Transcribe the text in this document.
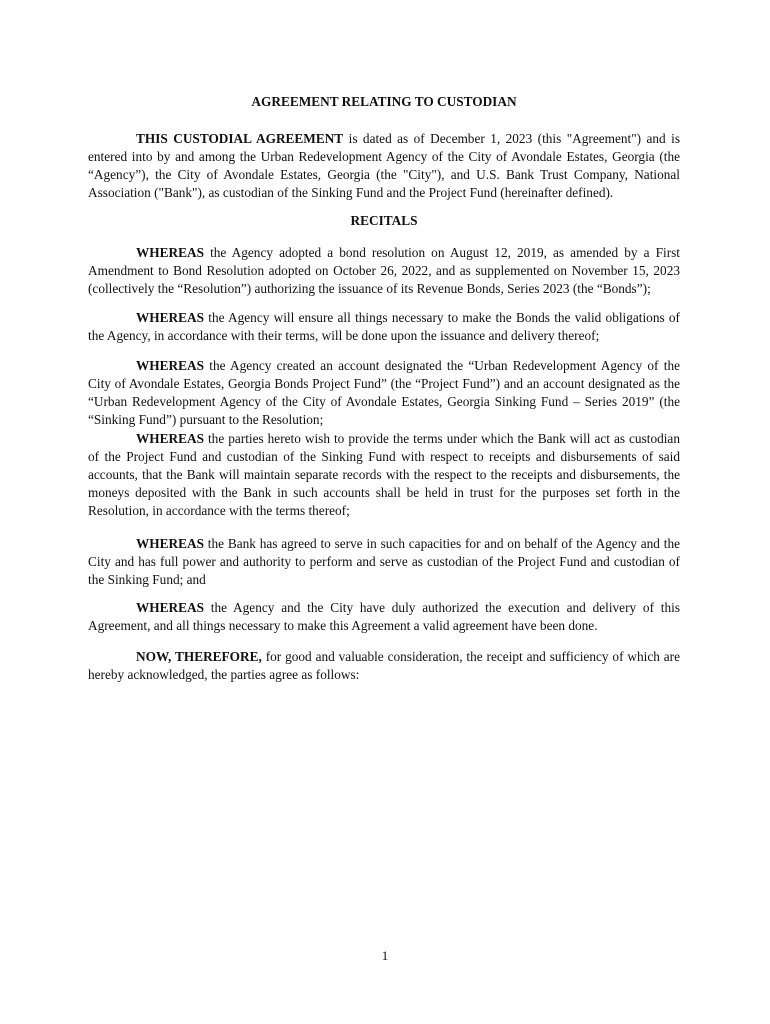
AGREEMENT RELATING TO CUSTODIAN
THIS CUSTODIAL AGREEMENT is dated as of December 1, 2023 (this "Agreement") and is entered into by and among the Urban Redevelopment Agency of the City of Avondale Estates, Georgia (the “Agency”), the City of Avondale Estates, Georgia (the "City"), and U.S. Bank Trust Company, National Association ("Bank"), as custodian of the Sinking Fund and the Project Fund (hereinafter defined).
RECITALS
WHEREAS the Agency adopted a bond resolution on August 12, 2019, as amended by a First Amendment to Bond Resolution adopted on October 26, 2022, and as supplemented on November 15, 2023 (collectively the “Resolution”) authorizing the issuance of its Revenue Bonds, Series 2023 (the “Bonds”);
WHEREAS the Agency will ensure all things necessary to make the Bonds the valid obligations of the Agency, in accordance with their terms, will be done upon the issuance and delivery thereof;
WHEREAS the Agency created an account designated the “Urban Redevelopment Agency of the City of Avondale Estates, Georgia Bonds Project Fund” (the “Project Fund”) and an account designated as the “Urban Redevelopment Agency of the City of Avondale Estates, Georgia Sinking Fund – Series 2019” (the “Sinking Fund”) pursuant to the Resolution;
WHEREAS the parties hereto wish to provide the terms under which the Bank will act as custodian of the Project Fund and custodian of the Sinking Fund with respect to receipts and disbursements of said accounts, that the Bank will maintain separate records with the respect to the receipts and disbursements, the moneys deposited with the Bank in such accounts shall be held in trust for the purposes set forth in the Resolution, in accordance with the terms thereof;
WHEREAS the Bank has agreed to serve in such capacities for and on behalf of the Agency and the City and has full power and authority to perform and serve as custodian of the Project Fund and custodian of the Sinking Fund; and
WHEREAS the Agency and the City have duly authorized the execution and delivery of this Agreement, and all things necessary to make this Agreement a valid agreement have been done.
NOW, THEREFORE, for good and valuable consideration, the receipt and sufficiency of which are hereby acknowledged, the parties agree as follows:
1
